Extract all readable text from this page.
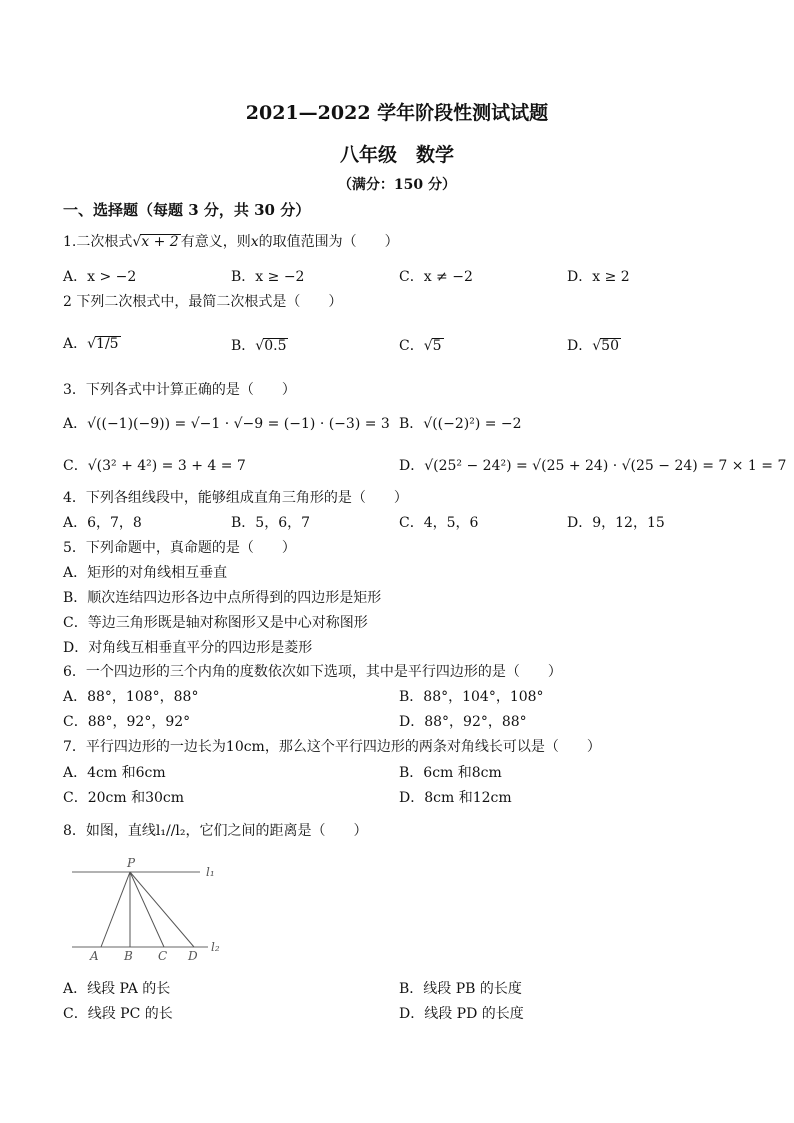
2021—2022 学年阶段性测试试题
八年级　数学
（满分：150 分）
一、选择题（每题 3 分，共 30 分）
1.二次根式√x + 2 有意义，则x的取值范围为（　　）
A．x > −2	B．x ≥ −2	C．x ≠ −2	D．x ≥ 2
2 下列二次根式中，最简二次根式是（　　）
A．√1/5	B．√0.5	C．√5	D．√50
3．下列各式中计算正确的是（　　）
A．√((−1)(−9)) = √−1 · √−9 = (−1) · (−3) = 3 B．√((−2)²) = −2
C．√(3² + 4²) = 3 + 4 = 7	D．√(25² − 24²) = √(25 + 24) · √(25 − 24) = 7 × 1 = 7
4．下列各组线段中，能够组成直角三角形的是（　　）
A．6，7，8	B．5，6，7	C．4，5，6	D．9，12，15
5．下列命题中，真命题的是（　　）
A．矩形的对角线相互垂直
B．顺次连结四边形各边中点所得到的四边形是矩形
C．等边三角形既是轴对称图形又是中心对称图形
D．对角线互相垂直平分的四边形是菱形
6．一个四边形的三个内角的度数依次如下选项，其中是平行四边形的是（　　）
A．88°，108°，88°	B．88°，104°，108°
C．88°，92°，92°	D．88°，92°，88°
7．平行四边形的一边长为10cm，那么这个平行四边形的两条对角线长可以是（　　）
A．4cm 和6cm	B．6cm 和8cm
C．20cm 和30cm	D．8cm 和12cm
8．如图，直线l₁//l₂，它们之间的距离是（　　）
P
A B C D
l₁
l₂
A．线段 PA 的长	B．线段 PB 的长度
C．线段 PC 的长	D．线段 PD 的长度
